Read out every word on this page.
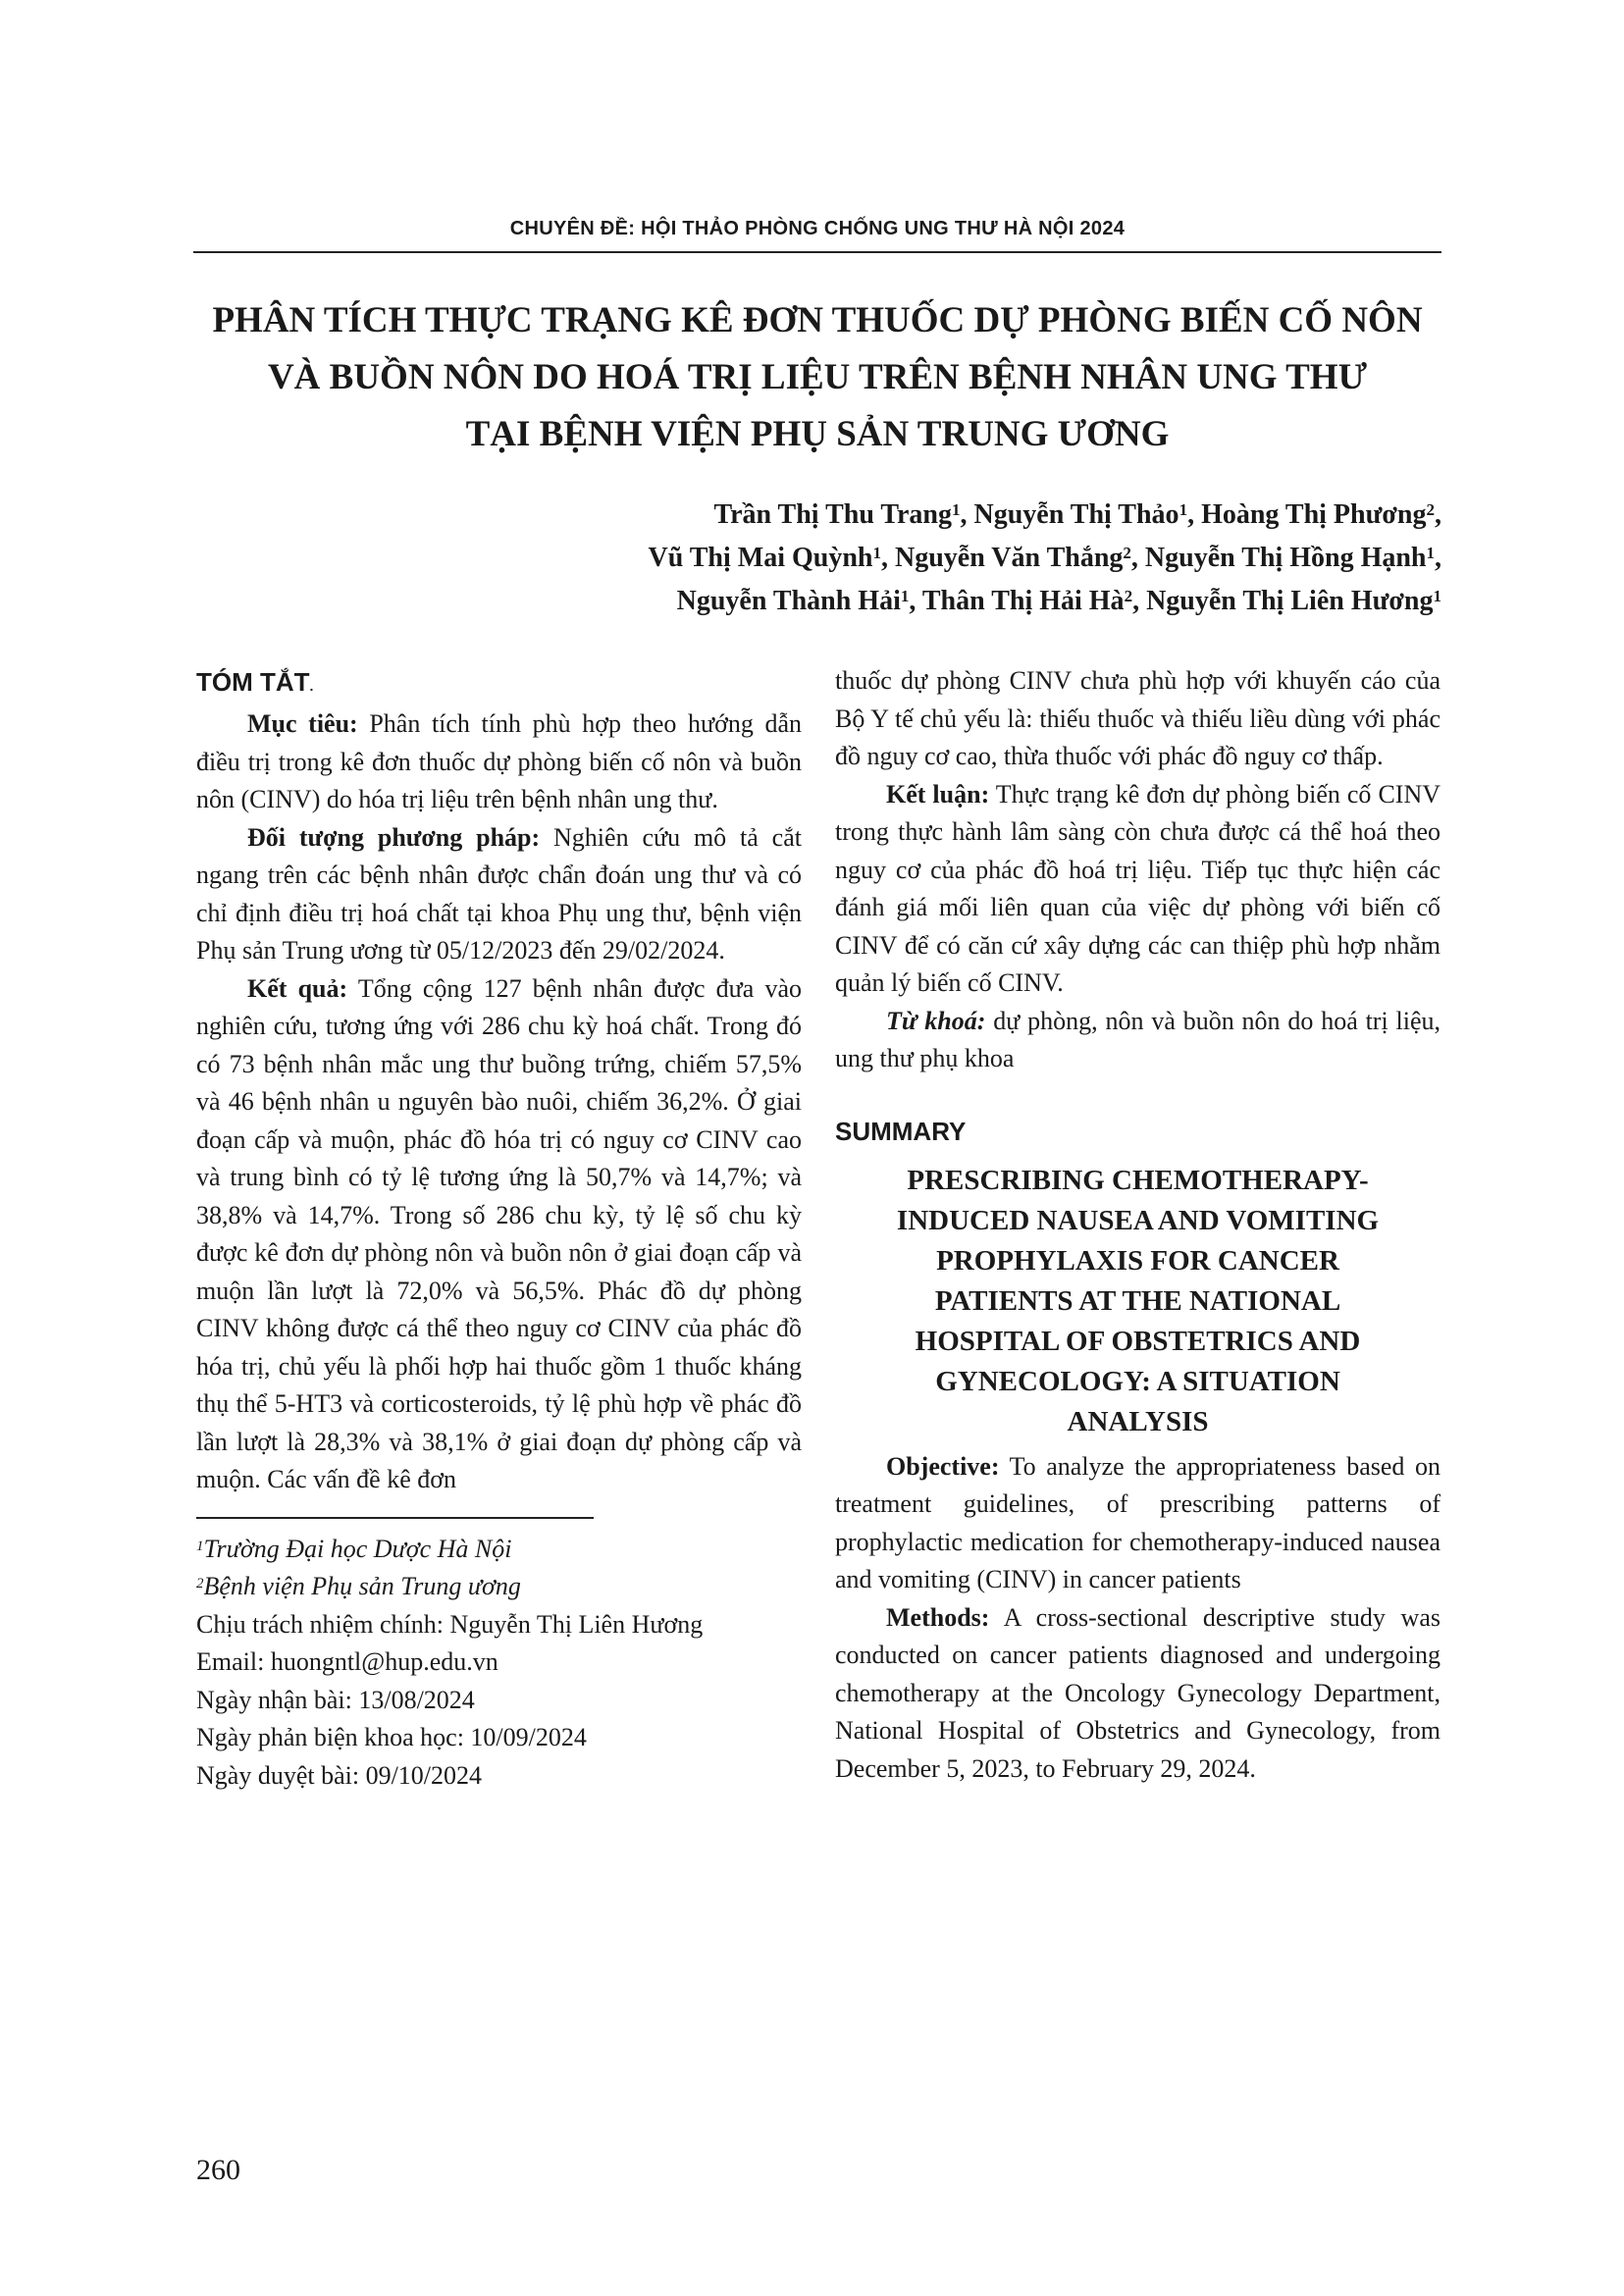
CHUYÊN ĐỀ: HỘI THẢO PHÒNG CHỐNG UNG THƯ HÀ NỘI 2024
PHÂN TÍCH THỰC TRẠNG KÊ ĐƠN THUỐC DỰ PHÒNG BIẾN CỐ NÔN
VÀ BUỒN NÔN DO HOÁ TRỊ LIỆU TRÊN BỆNH NHÂN UNG THƯ
TẠI BỆNH VIỆN PHỤ SẢN TRUNG ƯƠNG
Trần Thị Thu Trang$^1$, Nguyễn Thị Thảo$^1$, Hoàng Thị Phương$^2$,
Vũ Thị Mai Quỳnh$^1$, Nguyễn Văn Thắng$^2$, Nguyễn Thị Hồng Hạnh$^1$,
Nguyễn Thành Hải$^1$, Thân Thị Hải $Hà^2$, Nguyễn Thị Liên Hương$^1$
TÓM TẮT.

Mục tiêu: Phân tích tính phù hợp theo hướng dẫn điều trị trong kê đơn thuốc dự phòng biến cố nôn và buồn nôn (CINV) do hóa trị liệu trên bệnh nhân ung thư.

Đối tượng phương pháp: Nghiên cứu mô tả cắt ngang trên các bệnh nhân được chẩn đoán ung thư và có chỉ định điều trị hoá chất tại khoa Phụ ung thư, bệnh viện Phụ sản Trung ương từ 05/12/2023 đến 29/02/2024.

Kết quả: Tổng cộng 127 bệnh nhân được đưa vào nghiên cứu, tương ứng với 286 chu kỳ hoá chất. Trong đó có 73 bệnh nhân mắc ung thư buồng trứng, chiếm 57,5% và 46 bệnh nhân u nguyên bào nuôi, chiếm 36,2%. Ở giai đoạn cấp và muộn, phác đồ hóa trị có nguy cơ CINV cao và trung bình có tỷ lệ tương ứng là 50,7% và 14,7%; và 38,8% và 14,7%. Trong số 286 chu kỳ, tỷ lệ số chu kỳ được kê đơn dự phòng nôn và buồn nôn ở giai đoạn cấp và muộn lần lượt là 72,0% và 56,5%. Phác đồ dự phòng CINV không được cá thể theo nguy cơ CINV của phác đồ hóa trị, chủ yếu là phối hợp hai thuốc gồm 1 thuốc kháng thụ thể 5-HT3 và corticosteroids, tỷ lệ phù hợp về phác đồ lần lượt là 28,3% và 38,1% ở giai đoạn dự phòng cấp và muộn. Các vấn đề kê đơn

$^1$Trường Đại học Dược Hà Nội
$^2$Bệnh viện Phụ sản Trung ương
Chịu trách nhiệm chính: Nguyễn Thị Liên Hương
Email: huongntl@hup.edu.vn
Ngày nhận bài: 13/08/2024
Ngày phản biện khoa học: 10/09/2024
Ngày duyệt bài: 09/10/2024

thuốc dự phòng CINV chưa phù hợp với khuyến cáo của Bộ Y tế chủ yếu là: thiếu thuốc và thiếu liều dùng với phác đồ nguy cơ cao, thừa thuốc với phác đồ nguy cơ thấp.

Kết luận: Thực trạng kê đơn dự phòng biến cố CINV trong thực hành lâm sàng còn chưa được cá thể hoá theo nguy cơ của phác đồ hoá trị liệu. Tiếp tục thực hiện các đánh giá mối liên quan của việc dự phòng với biến cố CINV để có căn cứ xây dựng các can thiệp phù hợp nhằm quản lý biến cố CINV.

Từ khoá: dự phòng, nôn và buồn nôn do hoá trị liệu, ung thư phụ khoa

SUMMARY
PRESCRIBING CHEMOTHERAPY-
INDUCED NAUSEA AND VOMITING
PROPHYLAXIS FOR CANCER
PATIENTS AT THE NATIONAL
HOSPITAL OF OBSTETRICS AND
GYNECOLOGY: A SITUATION
ANALYSIS

Objective: To analyze the appropriateness based on treatment guidelines, of prescribing patterns of prophylactic medication for chemotherapy-induced nausea and vomiting (CINV) in cancer patients

Methods: A cross-sectional descriptive study was conducted on cancer patients diagnosed and undergoing chemotherapy at the Oncology Gynecology Department, National Hospital of Obstetrics and Gynecology, from December 5, 2023, to February 29, 2024.

260
